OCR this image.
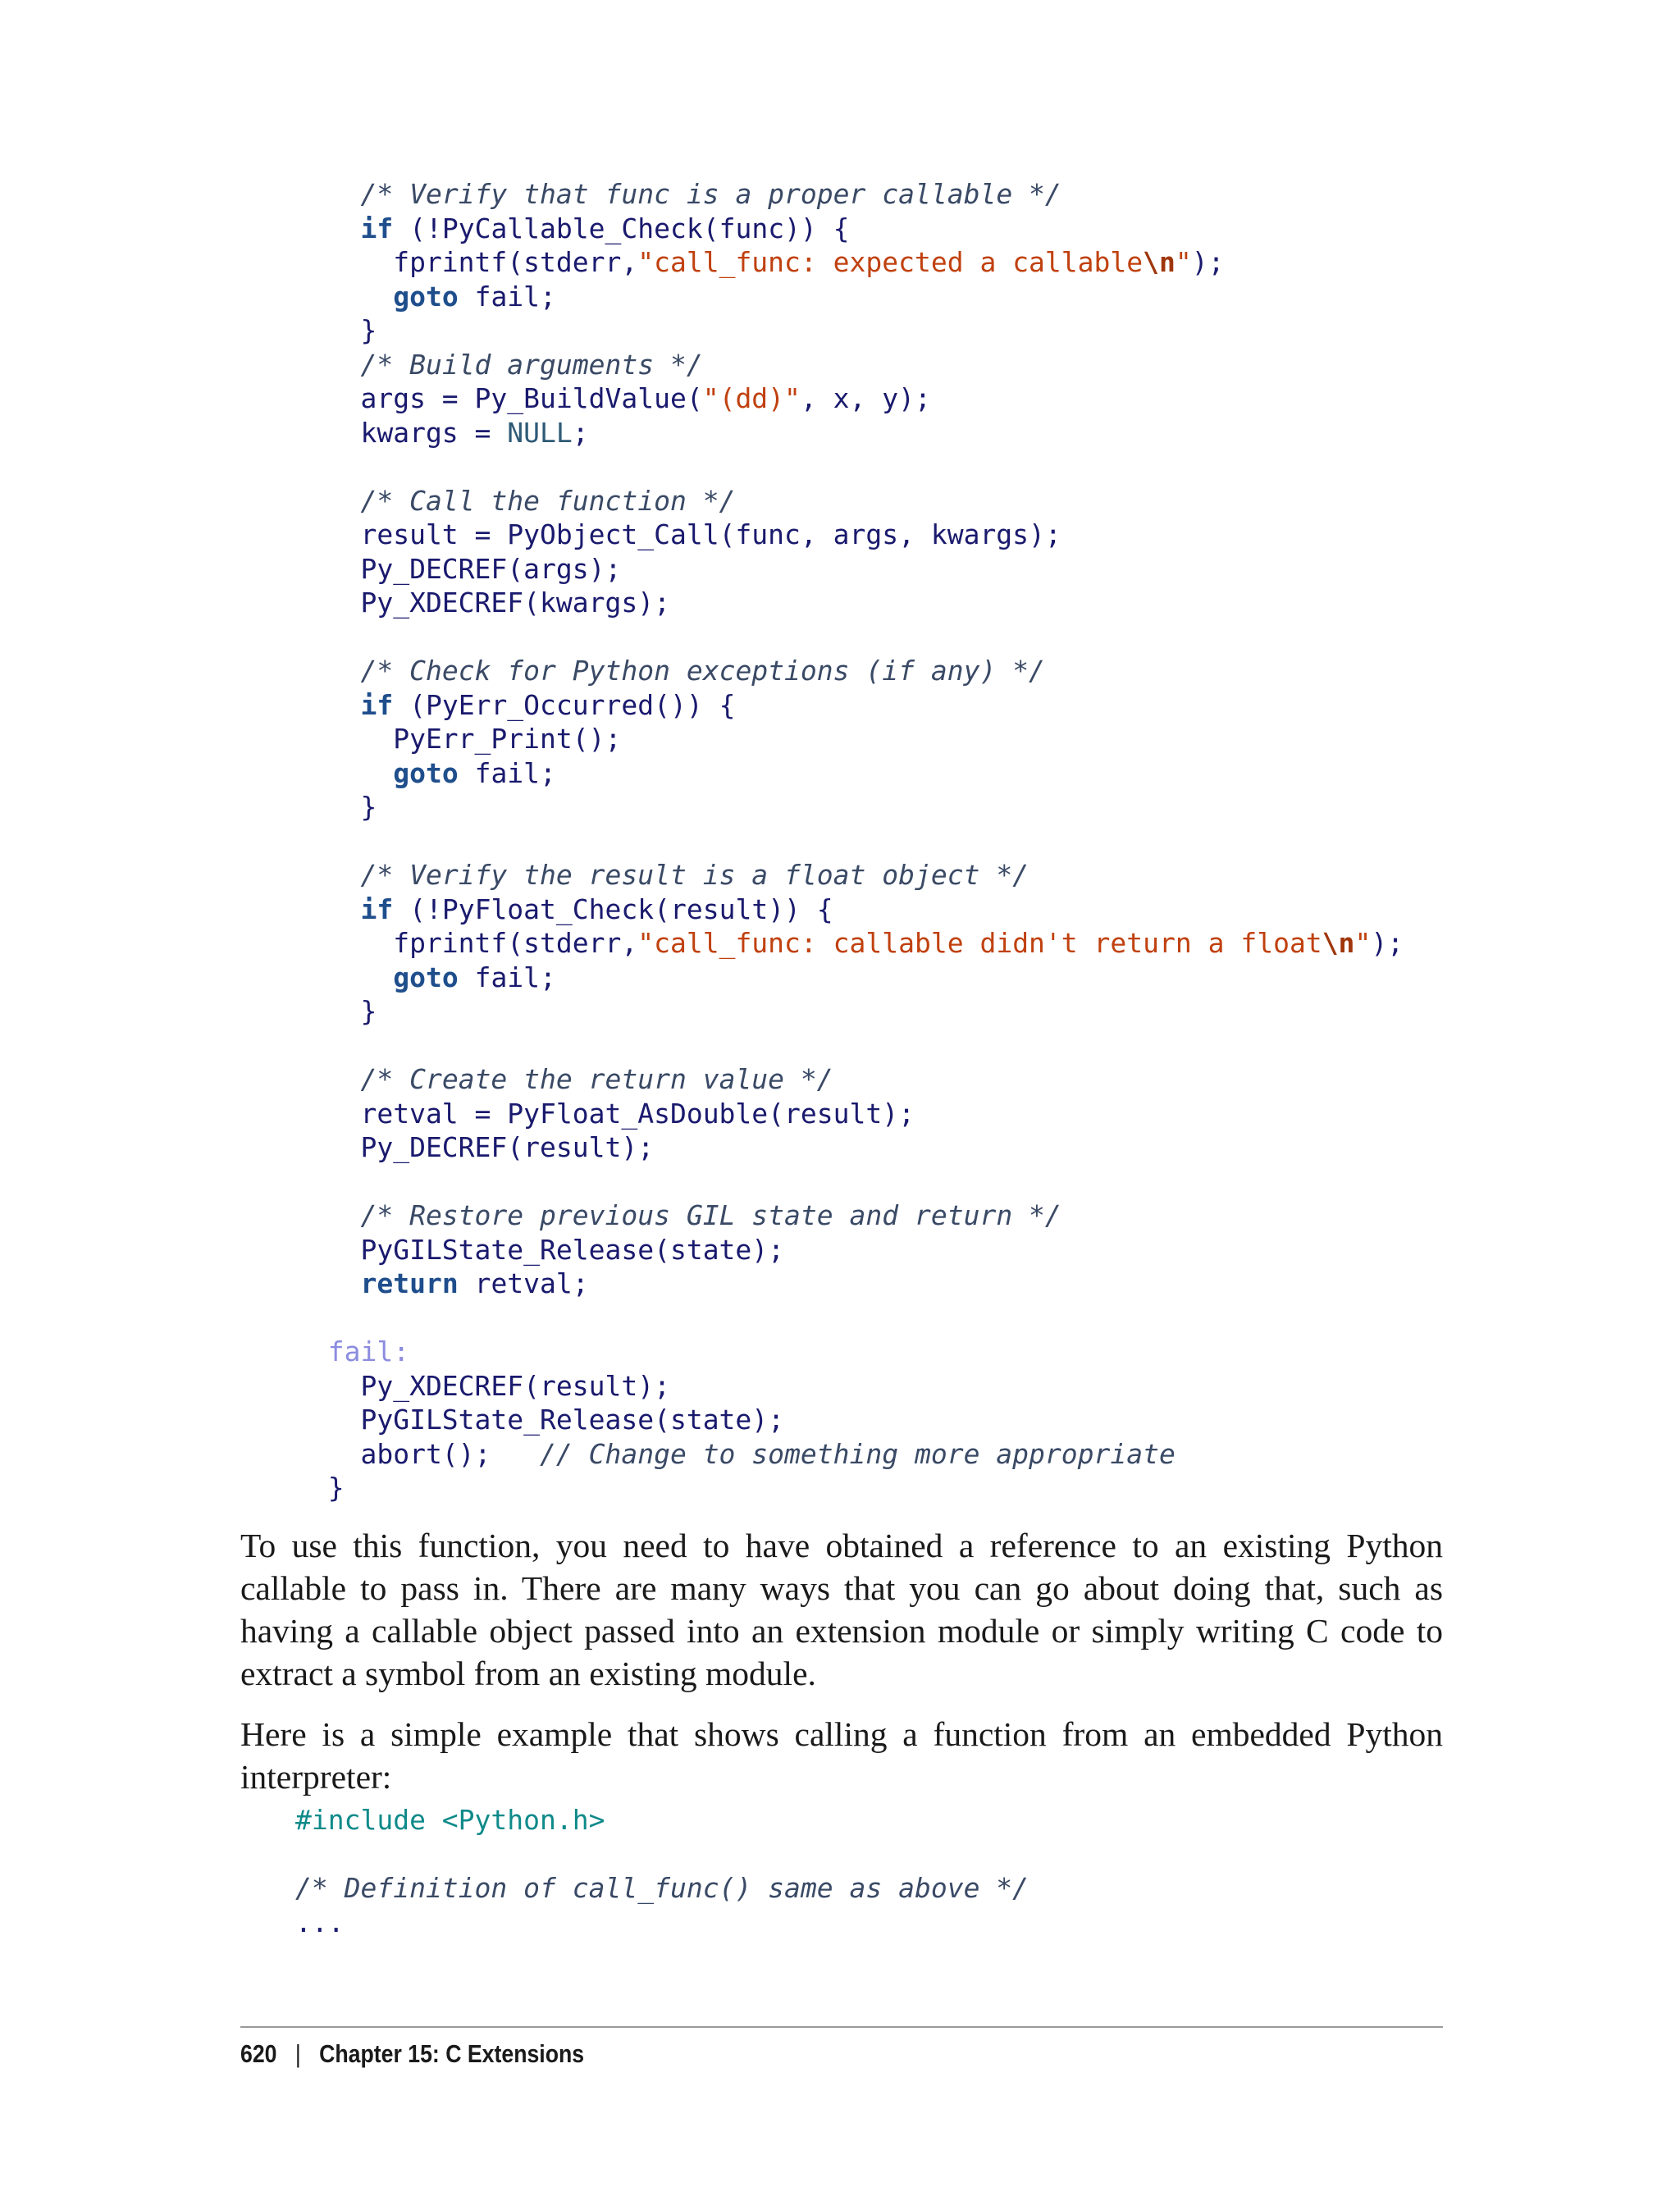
/* Verify that func is a proper callable */
if (!PyCallable_Check(func)) {
fprintf(stderr,"call_func: expected a callable\n");
goto fail;
}
/* Build arguments */
args = Py_BuildValue("(dd)", x, y);
kwargs = NULL;

/* Call the function */
result = PyObject_Call(func, args, kwargs);
Py_DECREF(args);
Py_XDECREF(kwargs);

/* Check for Python exceptions (if any) */
if (PyErr_Occurred()) {
PyErr_Print();
goto fail;
}

/* Verify the result is a float object */
if (!PyFloat_Check(result)) {
fprintf(stderr,"call_func: callable didn't return a float\n");
goto fail;
}

/* Create the return value */
retval = PyFloat_AsDouble(result);
Py_DECREF(result);

/* Restore previous GIL state and return */
PyGILState_Release(state);
return retval;

fail:
Py_XDECREF(result);
PyGILState_Release(state);
abort();   // Change to something more appropriate
}

To use this function, you need to have obtained a reference to an existing Python callable to pass in. There are many ways that you can go about doing that, such as having a callable object passed into an extension module or simply writing C code to extract a symbol from an existing module.

Here is a simple example that shows calling a function from an embedded Python interpreter:

#include <Python.h>

/* Definition of call_func() same as above */
...
620 | Chapter 15: C Extensions
